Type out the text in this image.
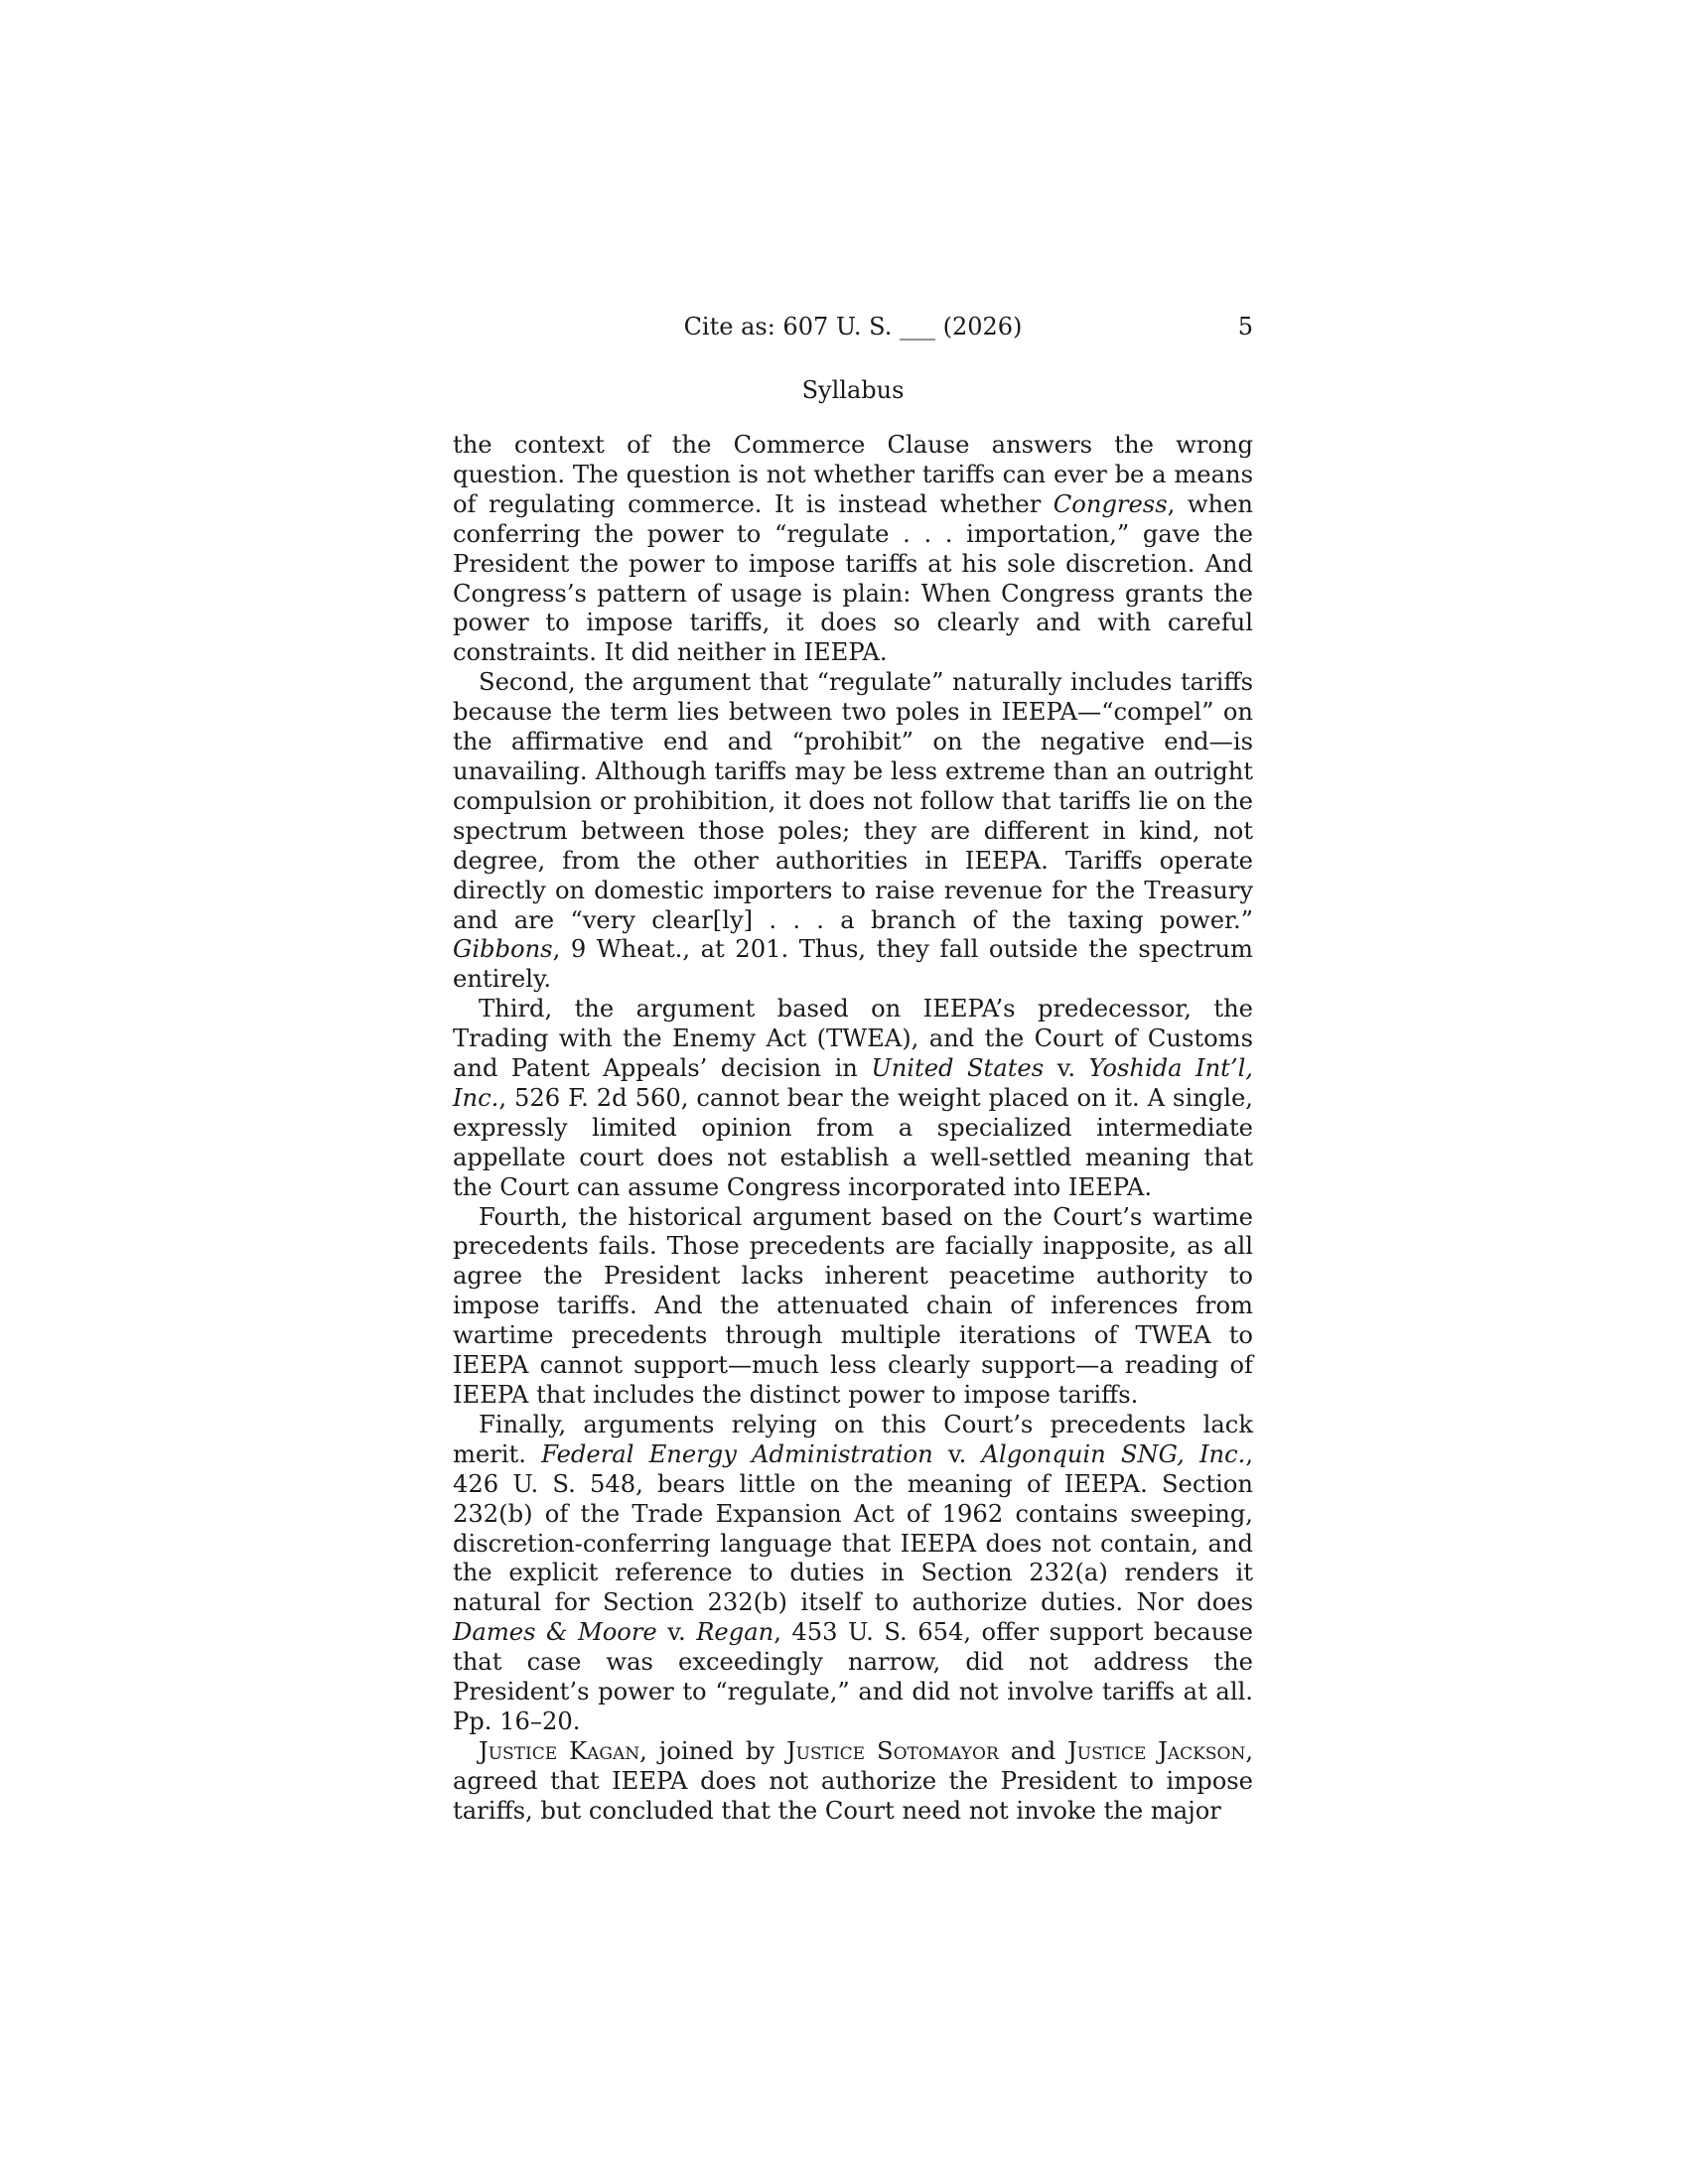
Cite as: 607 U. S. ___ (2026)	5
Syllabus

the context of the Commerce Clause answers the wrong question. The question is not whether tariffs can ever be a means of regulating commerce. It is instead whether Congress, when conferring the power to “regulate . . . importation,” gave the President the power to impose tariffs at his sole discretion. And Congress’s pattern of usage is plain: When Congress grants the power to impose tariffs, it does so clearly and with careful constraints. It did neither in IEEPA.

Second, the argument that “regulate” naturally includes tariffs because the term lies between two poles in IEEPA—“compel” on the affirmative end and “prohibit” on the negative end—is unavailing. Although tariffs may be less extreme than an outright compulsion or prohibition, it does not follow that tariffs lie on the spectrum between those poles; they are different in kind, not degree, from the other authorities in IEEPA. Tariffs operate directly on domestic importers to raise revenue for the Treasury and are “very clear[ly] . . . a branch of the taxing power.” Gibbons, 9 Wheat., at 201. Thus, they fall outside the spectrum entirely.

Third, the argument based on IEEPA’s predecessor, the Trading with the Enemy Act (TWEA), and the Court of Customs and Patent Appeals’ decision in United States v. Yoshida Int’l, Inc., 526 F. 2d 560, cannot bear the weight placed on it. A single, expressly limited opinion from a specialized intermediate appellate court does not establish a well-settled meaning that the Court can assume Congress incorporated into IEEPA.

Fourth, the historical argument based on the Court’s wartime precedents fails. Those precedents are facially inapposite, as all agree the President lacks inherent peacetime authority to impose tariffs. And the attenuated chain of inferences from wartime precedents through multiple iterations of TWEA to IEEPA cannot support—much less clearly support—a reading of IEEPA that includes the distinct power to impose tariffs.

Finally, arguments relying on this Court’s precedents lack merit. Federal Energy Administration v. Algonquin SNG, Inc., 426 U. S. 548, bears little on the meaning of IEEPA. Section 232(b) of the Trade Expansion Act of 1962 contains sweeping, discretion-conferring language that IEEPA does not contain, and the explicit reference to duties in Section 232(a) renders it natural for Section 232(b) itself to authorize duties. Nor does Dames & Moore v. Regan, 453 U. S. 654, offer support because that case was exceedingly narrow, did not address the President’s power to “regulate,” and did not involve tariffs at all. Pp. 16–20.

Justice Kagan, joined by Justice Sotomayor and Justice Jackson, agreed that IEEPA does not authorize the President to impose tariffs, but concluded that the Court need not invoke the major
